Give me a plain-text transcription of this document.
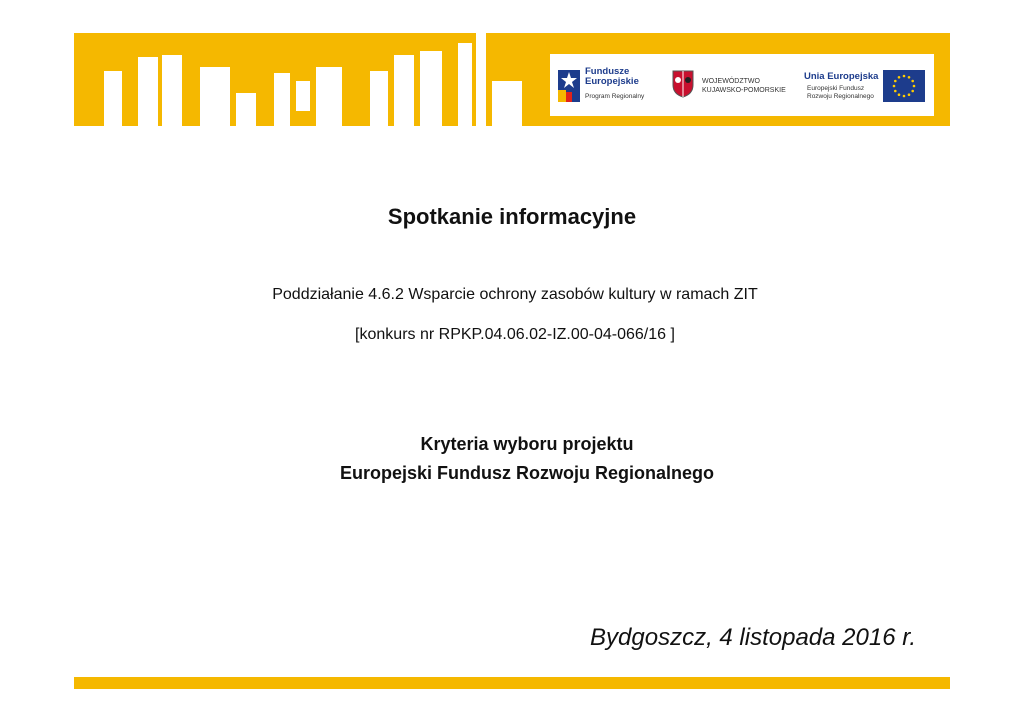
Fundusze
Europejskie
Program Regionalny
WOJEWÓDZTWO
KUJAWSKO-POMORSKIE
Unia Europejska
Europejski Fundusz
Rozwoju Regionalnego
Spotkanie informacyjne
Poddziałanie 4.6.2 Wsparcie ochrony zasobów kultury w ramach ZIT
[konkurs nr RPKP.04.06.02-IZ.00-04-066/16 ]
Kryteria wyboru projektu
Europejski Fundusz Rozwoju Regionalnego
Bydgoszcz, 4 listopada 2016 r.
